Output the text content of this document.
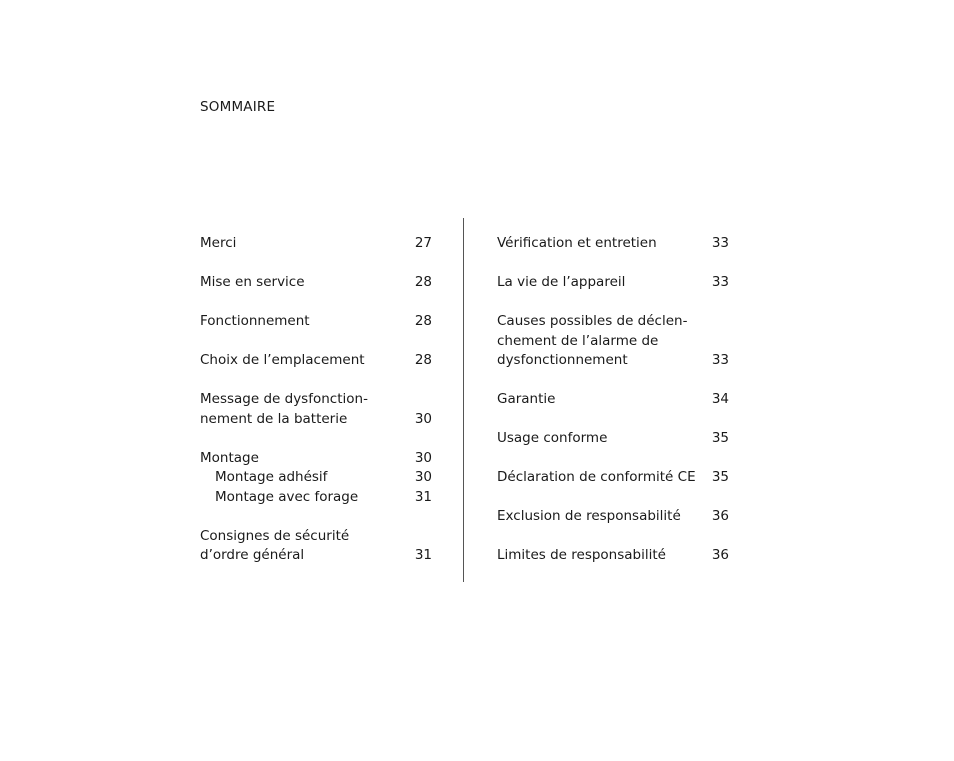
SOMMAIRE
Merci	27
Mise en service	28
Fonctionnement	28
Choix de l’emplacement	28
Message de dysfonction-
nement de la batterie	30
Montage	30
Montage adhésif	30
Montage avec forage	31
Consignes de sécurité
d’ordre général	31
Vérification et entretien	33
La vie de l’appareil	33
Causes possibles de déclen-
chement de l’alarme de
dysfonctionnement	33
Garantie	34
Usage conforme	35
Déclaration de conformité CE	35
Exclusion de responsabilité	36
Limites de responsabilité	36
